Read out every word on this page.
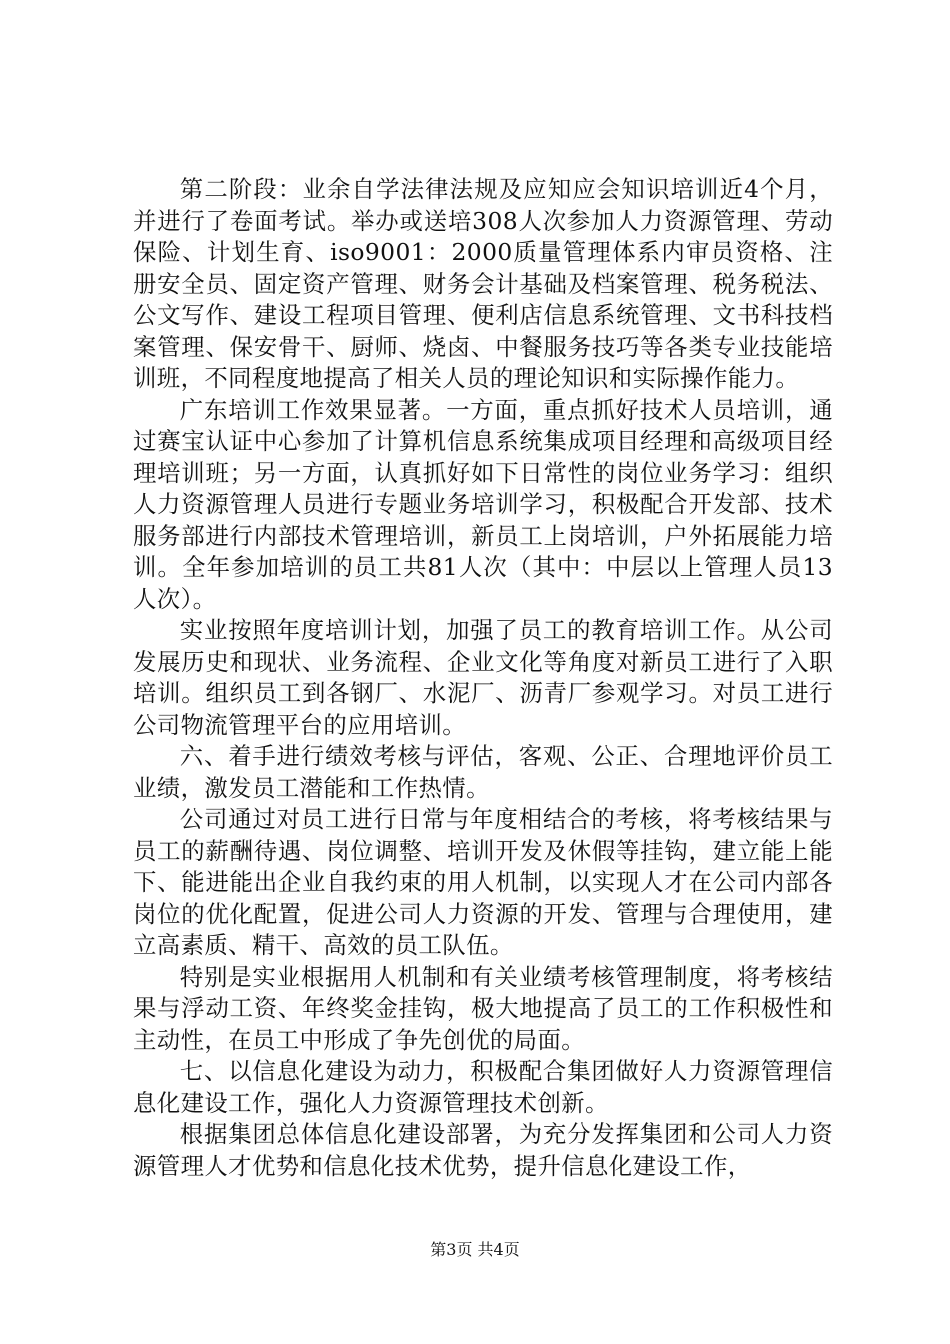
第二阶段：业余自学法律法规及应知应会知识培训近4个月，并进行了卷面考试。举办或送培308人次参加人力资源管理、劳动保险、计划生育、iso9001：2000质量管理体系内审员资格、注册安全员、固定资产管理、财务会计基础及档案管理、税务税法、公文写作、建设工程项目管理、便利店信息系统管理、文书科技档案管理、保安骨干、厨师、烧卤、中餐服务技巧等各类专业技能培训班，不同程度地提高了相关人员的理论知识和实际操作能力。

广东培训工作效果显著。一方面，重点抓好技术人员培训，通过赛宝认证中心参加了计算机信息系统集成项目经理和高级项目经理培训班；另一方面，认真抓好如下日常性的岗位业务学习：组织人力资源管理人员进行专题业务培训学习，积极配合开发部、技术服务部进行内部技术管理培训，新员工上岗培训，户外拓展能力培训。全年参加培训的员工共81人次（其中：中层以上管理人员13人次）。

实业按照年度培训计划，加强了员工的教育培训工作。从公司发展历史和现状、业务流程、企业文化等角度对新员工进行了入职培训。组织员工到各钢厂、水泥厂、沥青厂参观学习。对员工进行公司物流管理平台的应用培训。

六、着手进行绩效考核与评估，客观、公正、合理地评价员工业绩，激发员工潜能和工作热情。

公司通过对员工进行日常与年度相结合的考核，将考核结果与员工的薪酬待遇、岗位调整、培训开发及休假等挂钩，建立能上能下、能进能出企业自我约束的用人机制，以实现人才在公司内部各岗位的优化配置，促进公司人力资源的开发、管理与合理使用，建立高素质、精干、高效的员工队伍。

特别是实业根据用人机制和有关业绩考核管理制度，将考核结果与浮动工资、年终奖金挂钩，极大地提高了员工的工作积极性和主动性，在员工中形成了争先创优的局面。

七、以信息化建设为动力，积极配合集团做好人力资源管理信息化建设工作，强化人力资源管理技术创新。

根据集团总体信息化建设部署，为充分发挥集团和公司人力资源管理人才优势和信息化技术优势，提升信息化建设工作，

第3页 共4页
